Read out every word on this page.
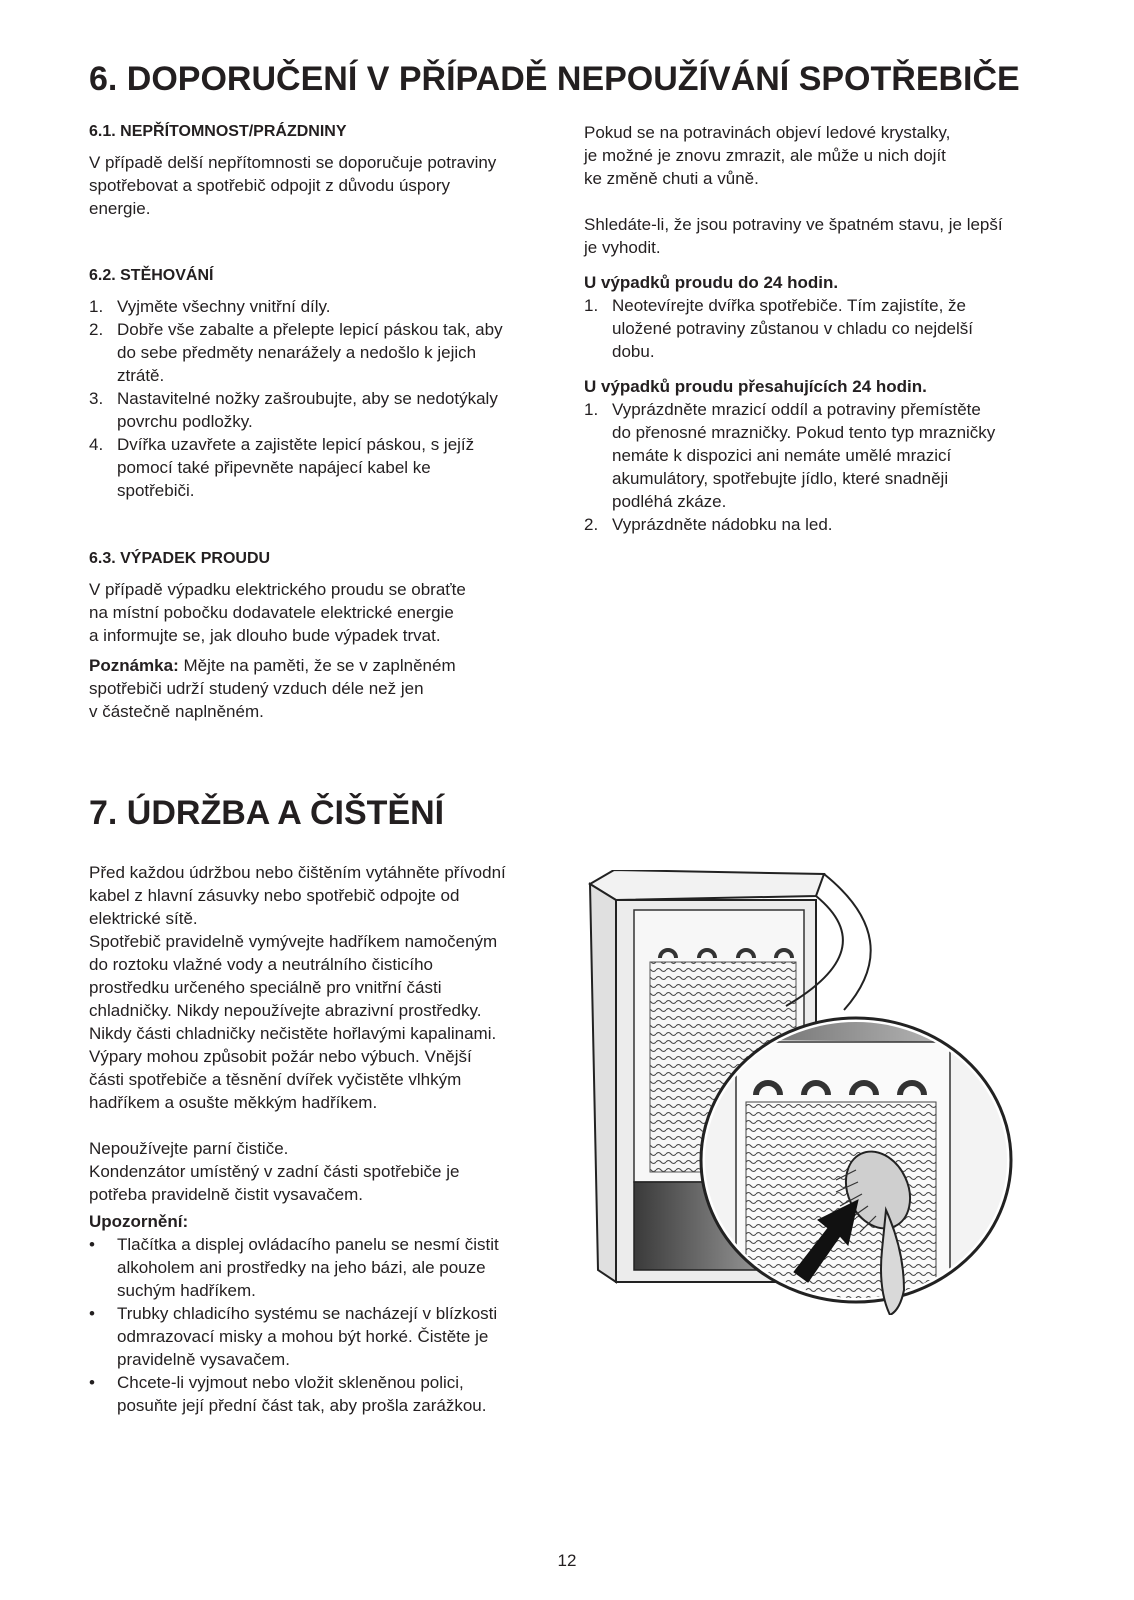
6. DOPORUČENÍ V PŘÍPADĚ NEPOUŽÍVÁNÍ SPOTŘEBIČE
6.1. NEPŘÍTOMNOST/PRÁZDNINY

V případě delší nepřítomnosti se doporučuje potraviny

spotřebovat a spotřebič odpojit z důvodu úspory

energie.

6.2. STĚHOVÁNÍ
1. Vyjměte všechny vnitřní díly.

2. Dobře vše zabalte a přelepte lepicí páskou tak, aby

do sebe předměty nenarážely a nedošlo k jejich

ztrátě.

3. Nastavitelné nožky zašroubujte, aby se nedotýkaly

povrchu podložky.

4. Dvířka uzavřete a zajistěte lepicí páskou, s jejíž

pomocí také připevněte napájecí kabel ke

spotřebiči.

6.3. VÝPADEK PROUDU

V případě výpadku elektrického proudu se obraťte

na místní pobočku dodavatele elektrické energie

a informujte se, jak dlouho bude výpadek trvat.

Poznámka: Mějte na paměti, že se v zaplněném

spotřebiči udrží studený vzduch déle než jen

v částečně naplněném.

Pokud se na potravinách objeví ledové krystalky,

je možné je znovu zmrazit, ale může u nich dojít

ke změně chuti a vůně.

Shledáte-li, že jsou potraviny ve špatném stavu, je lepší

je vyhodit.

U výpadků proudu do 24 hodin.

1. Neotevírejte dvířka spotřebiče. Tím zajistíte, že

uložené potraviny zůstanou v chladu co nejdelší

dobu.

U výpadků proudu přesahujících 24 hodin.

1. Vyprázdněte mrazicí oddíl a potraviny přemístěte

do přenosné mrazničky. Pokud tento typ mrazničky

nemáte k dispozici ani nemáte umělé mrazicí

akumulátory, spotřebujte jídlo, které snadněji

podléhá zkáze.

2. Vyprázdněte nádobku na led.

7. ÚDRŽBA A ČIŠTĚNÍ

Před každou údržbou nebo čištěním vytáhněte přívodní

kabel z hlavní zásuvky nebo spotřebič odpojte od

elektrické sítě.

Spotřebič pravidelně vymývejte hadříkem namočeným

do roztoku vlažné vody a neutrálního čisticího

prostředku určeného speciálně pro vnitřní části

chladničky. Nikdy nepoužívejte abrazivní prostředky.

Nikdy části chladničky nečistěte hořlavými kapalinami.

Výpary mohou způsobit požár nebo výbuch. Vnější

části spotřebiče a těsnění dvířek vyčistěte vlhkým

hadříkem a osušte měkkým hadříkem.

Nepoužívejte parní čističe.

Kondenzátor umístěný v zadní části spotřebiče je

potřeba pravidelně čistit vysavačem.

Upozornění:

• Tlačítka a displej ovládacího panelu se nesmí čistit

alkoholem ani prostředky na jeho bázi, ale pouze

suchým hadříkem.

• Trubky chladicího systému se nacházejí v blízkosti

odmrazovací misky a mohou být horké. Čistěte je

pravidelně vysavačem.

• Chcete-li vyjmout nebo vložit skleněnou polici,

posuňte její přední část tak, aby prošla zarážkou.

12
